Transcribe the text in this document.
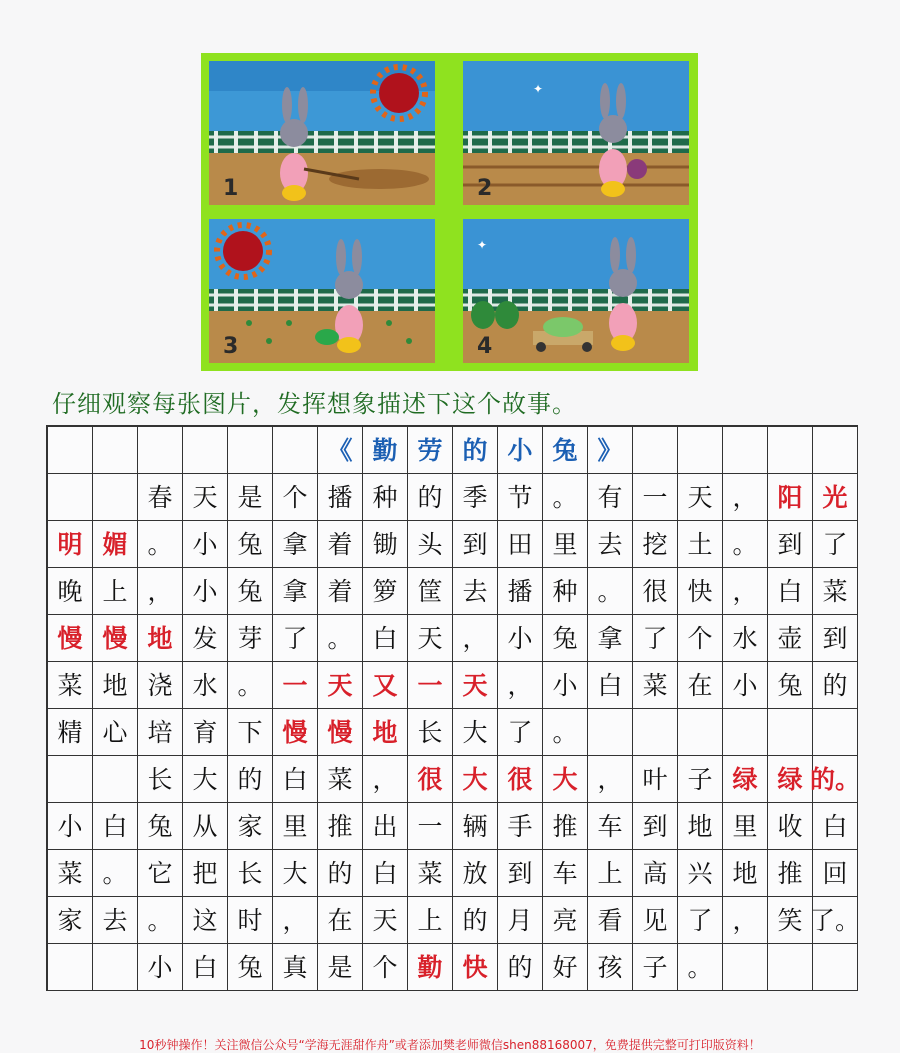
1
✦
2
3
✦
4
仔细观察每张图片，发挥想象描述下这个故事。
《 勤 劳 的 小 兔 》
春 天 是 个 播 种 的 季 节 。 有 一 天 ， 阳 光
明 媚 。 小 兔 拿 着 锄 头 到 田 里 去 挖 土 。 到 了
晚 上 ， 小 兔 拿 着 箩 筐 去 播 种 。 很 快 ， 白 菜
慢 慢 地 发 芽 了 。 白 天 ， 小 兔 拿 了 个 水 壶 到
菜 地 浇 水 。 一 天 又 一 天 ， 小 白 菜 在 小 兔 的
精 心 培 育 下 慢 慢 地 长 大 了 。
长 大 的 白 菜 ， 很 大 很 大 ， 叶 子 绿 绿 的。
小 白 兔 从 家 里 推 出 一 辆 手 推 车 到 地 里 收 白
菜 。 它 把 长 大 的 白 菜 放 到 车 上 高 兴 地 推 回
家 去 。 这 时 ， 在 天 上 的 月 亮 看 见 了 ， 笑 了。
小 白 兔 真 是 个 勤 快 的 好 孩 子 。
10秒钟操作！关注微信公众号“学海无涯甜作舟”或者添加樊老师微信shen88168007，免费提供完整可打印版资料！
